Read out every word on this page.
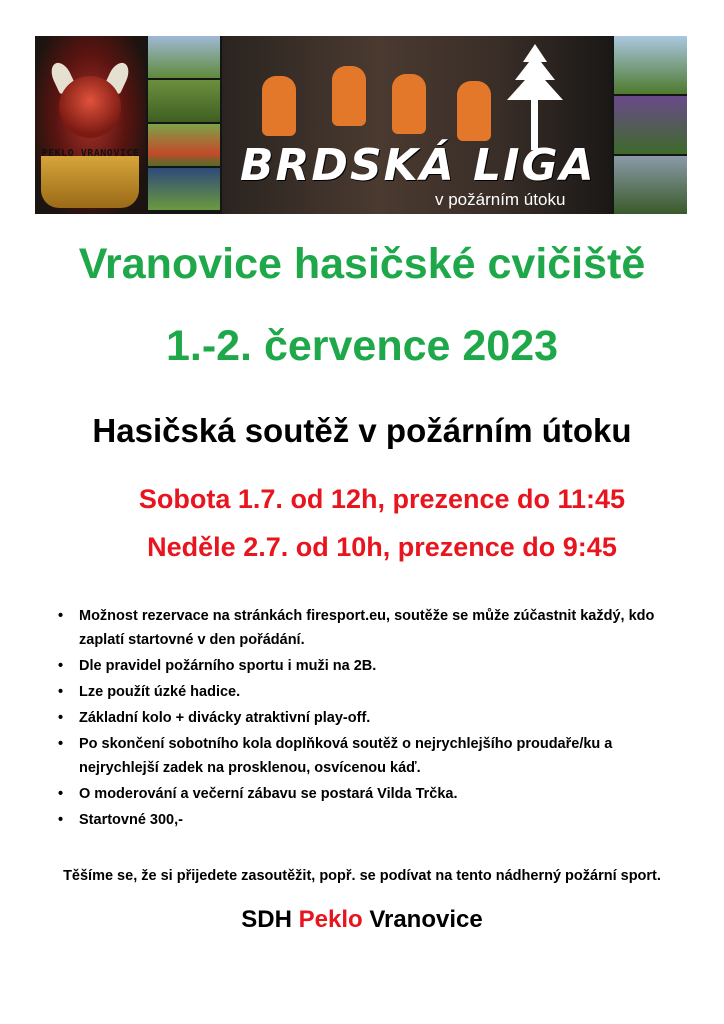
PEKLO VRANOVICE BRDSKÁ LIGA
v požárním útoku

Vranovice hasičské cvičiště

1.-2. července 2023

Hasičská soutěž v požárním útoku

Sobota 1.7. od 12h, prezence do 11:45

Neděle 2.7. od 10h, prezence do 9:45

• Možnost rezervace na stránkách firesport.eu, soutěže se může zúčastnit každý, kdo zaplatí startovné v den pořádání.
• Dle pravidel požárního sportu i muži na 2B.
• Lze použít úzké hadice.
• Základní kolo + divácky atraktivní play-off.
• Po skončení sobotního kola doplňková soutěž o nejrychlejšího proudaře/ku a nejrychlejší zadek na prosklenou, osvícenou káď.
• O moderování a večerní zábavu se postará Vilda Trčka.
• Startovné 300,-

Těšíme se, že si přijedete zasoutěžit, popř. se podívat na tento nádherný požární sport.

SDH Peklo Vranovice
